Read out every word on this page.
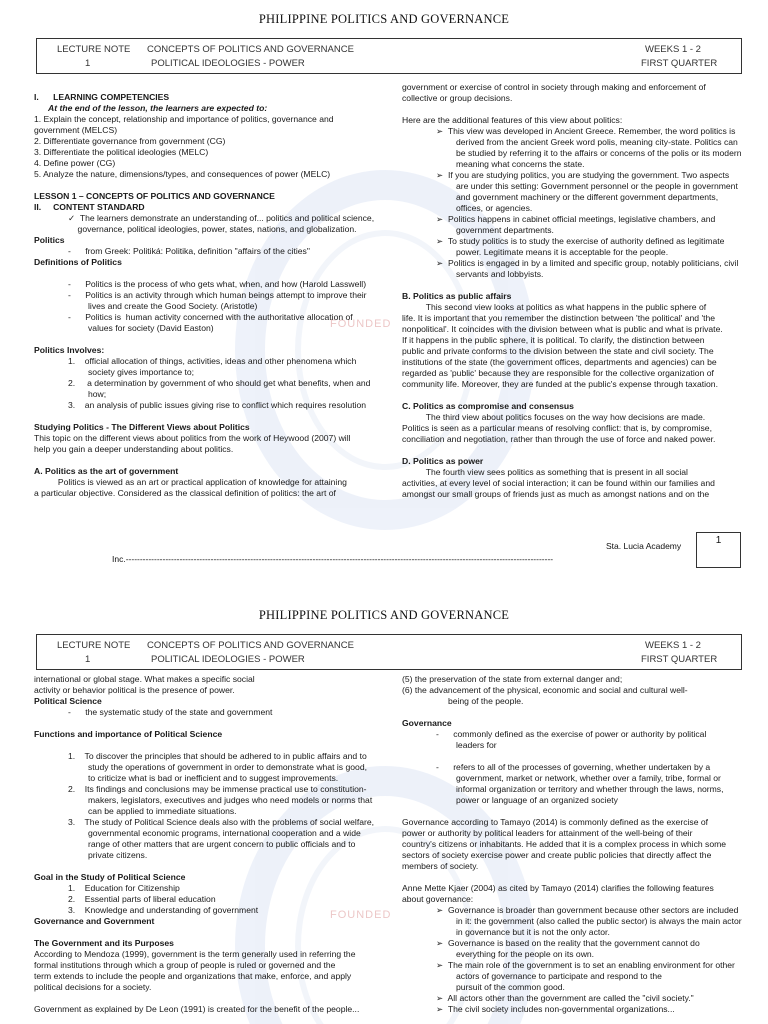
FOUNDED
PHILIPPINE POLITICS AND GOVERNANCE
LECTURE NOTE
1
CONCEPTS OF POLITICS AND GOVERNANCE
POLITICAL IDEOLOGIES - POWER
WEEKS 1 - 2
FIRST QUARTER

I.      LEARNING COMPETENCIES

At the end of the lesson, the learners are expected to:

1. Explain the concept, relationship and importance of politics, governance and

government (MELCS)

2. Differentiate governance from government (CG)

3. Differentiate the political ideologies (MELC)

4. Define power (CG)

5. Analyze the nature, dimensions/types, and consequences of power (MELC)

LESSON 1 – CONCEPTS OF POLITICS AND GOVERNANCE

II.     CONTENT STANDARD

✓  The learners demonstrate an understanding of... politics and political science,

governance, political ideologies, power, states, nations, and globalization.

Politics

-      from Greek: Politiká: Politika, definition "affairs of the cities"

Definitions of Politics

-      Politics is the process of who gets what, when, and how (Harold Lasswell)

-      Politics is an activity through which human beings attempt to improve their

lives and create the Good Society. (Aristotle)

-      Politics is  human activity concerned with the authoritative allocation of

values for society (David Easton)

Politics Involves:

1.    official allocation of things, activities, ideas and other phenomena which

society gives importance to;

2.     a determination by government of who should get what benefits, when and

how;

3.    an analysis of public issues giving rise to conflict which requires resolution

Studying Politics - The Different Views about Politics

This topic on the different views about politics from the work of Heywood (2007) will

help you gain a deeper understanding about politics.

A. Politics as the art of government

Politics is viewed as an art or practical application of knowledge for attaining

a particular objective. Considered as the classical definition of politics: the art of

government or exercise of control in society through making and enforcement of

collective or group decisions.

Here are the additional features of this view about politics:

➢  This view was developed in Ancient Greece. Remember, the word politics is

derived from the ancient Greek word polis, meaning city-state. Politics can

be studied by referring it to the affairs or concerns of the polis or its modern

meaning what concerns the state.

➢  If you are studying politics, you are studying the government. Two aspects

are under this setting: Government personnel or the people in government

and government machinery or the different government departments,

offices, or agencies.

➢  Politics happens in cabinet official meetings, legislative chambers, and

government departments.

➢  To study politics is to study the exercise of authority defined as legitimate

power. Legitimate means it is acceptable for the people.

➢  Politics is engaged in by a limited and specific group, notably politicians, civil

servants and lobbyists.

B. Politics as public affairs

This second view looks at politics as what happens in the public sphere of

life. It is important that you remember the distinction between 'the political' and 'the

nonpolitical'. It coincides with the division between what is public and what is private.

If it happens in the public sphere, it is political. To clarify, the distinction between

public and private conforms to the division between the state and civil society. The

institutions of the state (the government offices, departments and agencies) can be

regarded as 'public' because they are responsible for the collective organization of

community life. Moreover, they are funded at the public's expense through taxation.

C. Politics as compromise and consensus

The third view about politics focuses on the way how decisions are made.

Politics is seen as a particular means of resolving conflict: that is, by compromise,

conciliation and negotiation, rather than through the use of force and naked power.

D. Politics as power

The fourth view sees politics as something that is present in all social

activities, at every level of social interaction; it can be found within our families and

amongst our small groups of friends just as much as amongst nations and on the

Sta. Lucia Academy
Inc.-------------------------------------------------------------------------------------------------------------------------------------------------------
1
FOUNDED
PHILIPPINE POLITICS AND GOVERNANCE
LECTURE NOTE
1
CONCEPTS OF POLITICS AND GOVERNANCE
POLITICAL IDEOLOGIES - POWER
WEEKS 1 - 2
FIRST QUARTER

international or global stage. What makes a specific social

activity or behavior political is the presence of power.

Political Science

-      the systematic study of the state and government

Functions and importance of Political Science

1.    To discover the principles that should be adhered to in public affairs and to

study the operations of government in order to demonstrate what is good,

to criticize what is bad or inefficient and to suggest improvements.

2.    Its findings and conclusions may be immense practical use to constitution-

makers, legislators, executives and judges who need models or norms that

can be applied to immediate situations.

3.    The study of Political Science deals also with the problems of social welfare,

governmental economic programs, international cooperation and a wide

range of other matters that are urgent concern to public officials and to

private citizens.

Goal in the Study of Political Science

1.    Education for Citizenship

2.    Essential parts of liberal education

3.    Knowledge and understanding of government

Governance and Government

The Government and its Purposes

According to Mendoza (1999), government is the term generally used in referring the

formal institutions through which a group of people is ruled or governed and the

term extends to include the people and organizations that make, enforce, and apply

political decisions for a society.

Government as explained by De Leon (1991) is created for the benefit of the people...

(5) the preservation of the state from external danger and;

(6) the advancement of the physical, economic and social and cultural well-

being of the people.

Governance

-      commonly defined as the exercise of power or authority by political

leaders for

-      refers to all of the processes of governing, whether undertaken by a

government, market or network, whether over a family, tribe, formal or

informal organization or territory and whether through the laws, norms,

power or language of an organized society

Governance according to Tamayo (2014) is commonly defined as the exercise of

power or authority by political leaders for attainment of the well-being of their

country's citizens or inhabitants. He added that it is a complex process in which some

sectors of society exercise power and create public policies that directly affect the

members of society.

Anne Mette Kjaer (2004) as cited by Tamayo (2014) clarifies the following features

about governance:

➢  Governance is broader than government because other sectors are included

in it: the government (also called the public sector) is always the main actor

in governance but it is not the only actor.

➢  Governance is based on the reality that the government cannot do

everything for the people on its own.

➢  The main role of the government is to set an enabling environment for other

actors of governance to participate and respond to the

pursuit of the common good.

➢  All actors other than the government are called the "civil society."

➢  The civil society includes non-governmental organizations...
